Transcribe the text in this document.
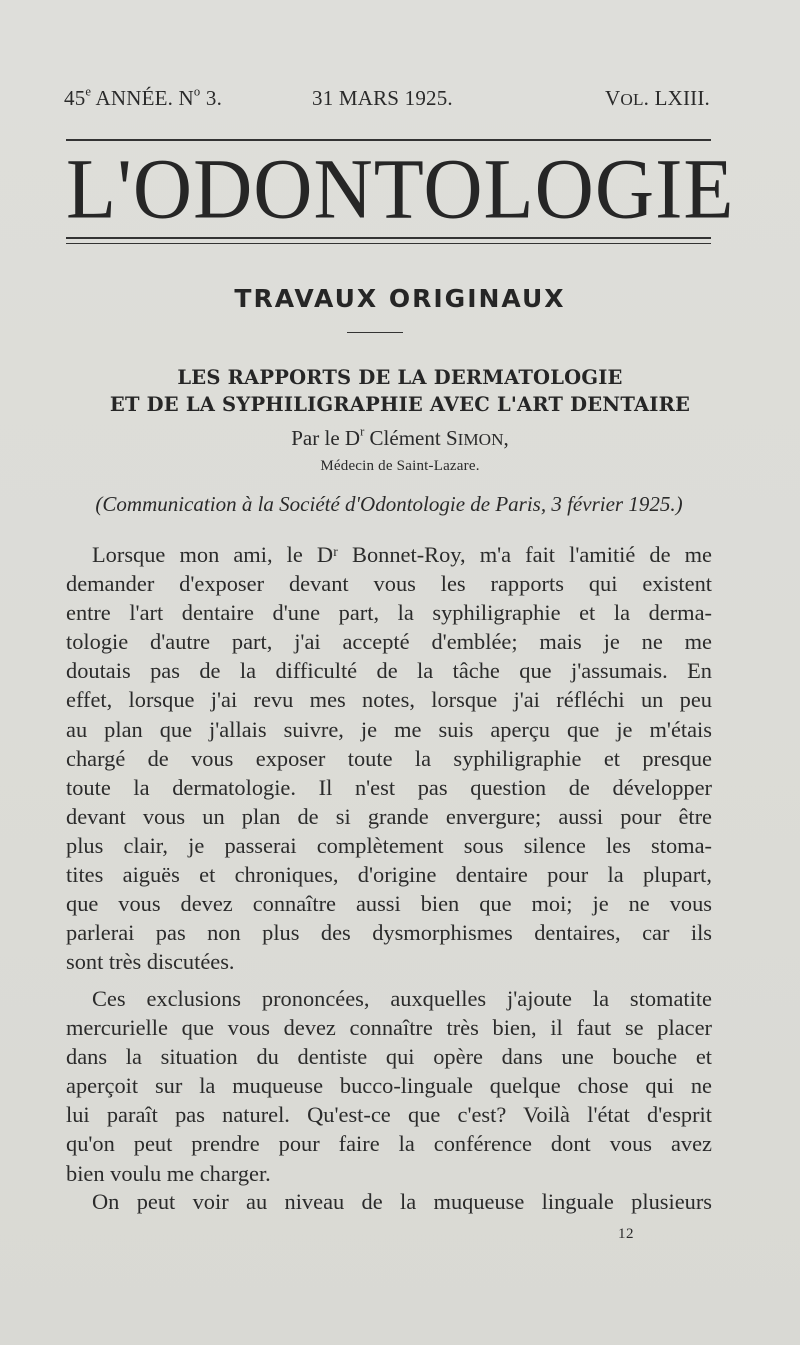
45e ANNÉE. $N^o$ 3.	31 MARS 1925.	VOL. LXIII.
L'ODONTOLOGIE
TRAVAUX ORIGINAUX
LES RAPPORTS DE LA DERMATOLOGIE
ET DE LA SYPHILIGRAPHIE AVEC L'ART DENTAIRE
Par le $D^r$ Clément SIMON,
Médecin de Saint-Lazare.
(Communication à la Société d'Odontologie de Paris, 3 février 1925.)
Lorsque mon ami, le Dʳ Bonnet-Roy, m'a fait l'amitié de me
demander d'exposer devant vous les rapports qui existent
entre l'art dentaire d'une part, la syphiligraphie et la derma-
tologie d'autre part, j'ai accepté d'emblée; mais je ne me
doutais pas de la difficulté de la tâche que j'assumais. En
effet, lorsque j'ai revu mes notes, lorsque j'ai réfléchi un peu
au plan que j'allais suivre, je me suis aperçu que je m'étais
chargé de vous exposer toute la syphiligraphie et presque
toute la dermatologie. Il n'est pas question de développer
devant vous un plan de si grande envergure; aussi pour être
plus clair, je passerai complètement sous silence les stoma-
tites aiguës et chroniques, d'origine dentaire pour la plupart,
que vous devez connaître aussi bien que moi; je ne vous
parlerai pas non plus des dysmorphismes dentaires, car ils
sont très discutées.
Ces exclusions prononcées, auxquelles j'ajoute la stomatite
mercurielle que vous devez connaître très bien, il faut se placer
dans la situation du dentiste qui opère dans une bouche et
aperçoit sur la muqueuse bucco-linguale quelque chose qui ne
lui paraît pas naturel. Qu'est-ce que c'est? Voilà l'état d'esprit
qu'on peut prendre pour faire la conférence dont vous avez
bien voulu me charger.
On peut voir au niveau de la muqueuse linguale plusieurs
12
